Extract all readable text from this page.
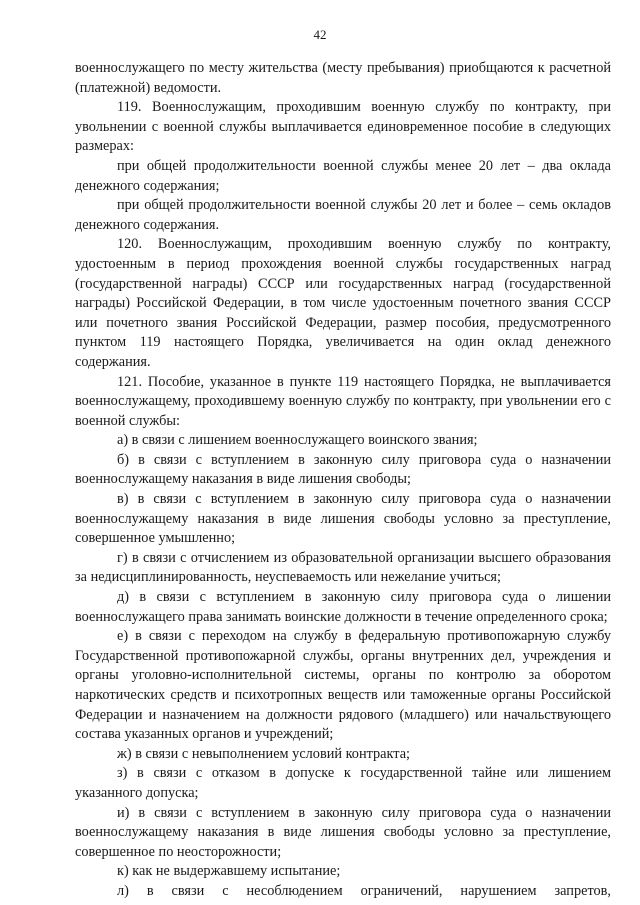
42

военнослужащего по месту жительства (месту пребывания) приобщаются к расчетной (платежной) ведомости.

119. Военнослужащим, проходившим военную службу по контракту, при увольнении с военной службы выплачивается единовременное пособие в следующих размерах:

при общей продолжительности военной службы менее 20 лет – два оклада денежного содержания;

при общей продолжительности военной службы 20 лет и более – семь окладов денежного содержания.

120. Военнослужащим, проходившим военную службу по контракту, удостоенным в период прохождения военной службы государственных наград (государственной награды) СССР или государственных наград (государственной награды) Российской Федерации, в том числе удостоенным почетного звания СССР или почетного звания Российской Федерации, размер пособия, предусмотренного пунктом 119 настоящего Порядка, увеличивается на один оклад денежного содержания.

121. Пособие, указанное в пункте 119 настоящего Порядка, не выплачивается военнослужащему, проходившему военную службу по контракту, при увольнении его с военной службы:

а) в связи с лишением военнослужащего воинского звания;

б) в связи с вступлением в законную силу приговора суда о назначении военнослужащему наказания в виде лишения свободы;

в) в связи с вступлением в законную силу приговора суда о назначении военнослужащему наказания в виде лишения свободы условно за преступление, совершенное умышленно;

г) в связи с отчислением из образовательной организации высшего образования за недисциплинированность, неуспеваемость или нежелание учиться;

д) в связи с вступлением в законную силу приговора суда о лишении военнослужащего права занимать воинские должности в течение определенного срока;

е) в связи с переходом на службу в федеральную противопожарную службу Государственной противопожарной службы, органы внутренних дел, учреждения и органы уголовно-исполнительной системы, органы по контролю за оборотом наркотических средств и психотропных веществ или таможенные органы Российской Федерации и назначением на должности рядового (младшего) или начальствующего состава указанных органов и учреждений;

ж) в связи с невыполнением условий контракта;

з) в связи с отказом в допуске к государственной тайне или лишением указанного допуска;

и) в связи с вступлением в законную силу приговора суда о назначении военнослужащему наказания в виде лишения свободы условно за преступление, совершенное по неосторожности;

к) как не выдержавшему испытание;

л) в связи с несоблюдением ограничений, нарушением запретов,
